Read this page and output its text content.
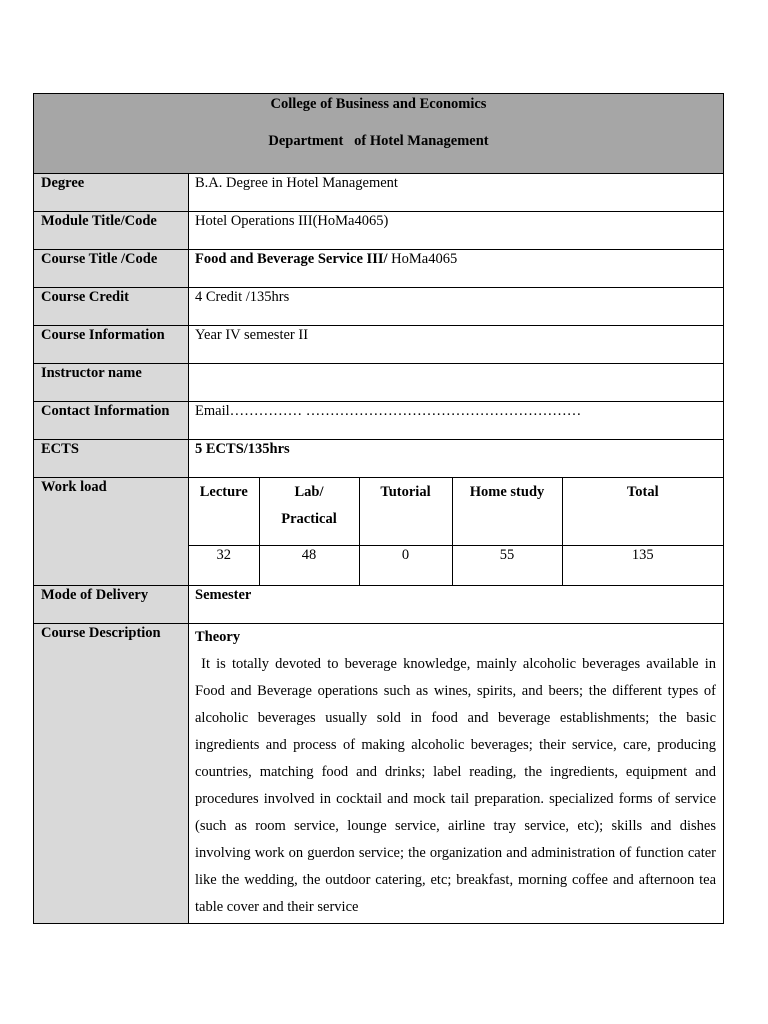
College of Business and Economics
Department   of Hotel Management

Degree	B.A. Degree in Hotel Management
Module Title/Code	Hotel Operations III(HoMa4065)
Course Title /Code	Food and Beverage Service III/ HoMa4065
Course Credit	4 Credit /135hrs
Course Information	Year IV semester II
Instructor name	
Contact Information	Email…………… …………………………………………………
ECTS	5 ECTS/135hrs
Work load		Lecture	Lab/ Practical	Tutorial	Home study	Total
32	48	0	55	135

Mode of Delivery	Semester
Course Description	Theory
It is totally devoted to beverage knowledge, mainly alcoholic beverages available in Food and Beverage operations such as wines, spirits, and beers; the different types of alcoholic beverages usually sold in food and beverage establishments; the basic ingredients and process of making alcoholic beverages; their service, care, producing countries, matching food and drinks; label reading, the ingredients, equipment and procedures involved in cocktail and mock tail preparation. specialized forms of service (such as room service, lounge service, airline tray service, etc); skills and dishes involving work on guerdon service; the organization and administration of function cater like the wedding, the outdoor catering, etc; breakfast, morning coffee and afternoon tea table cover and their service
